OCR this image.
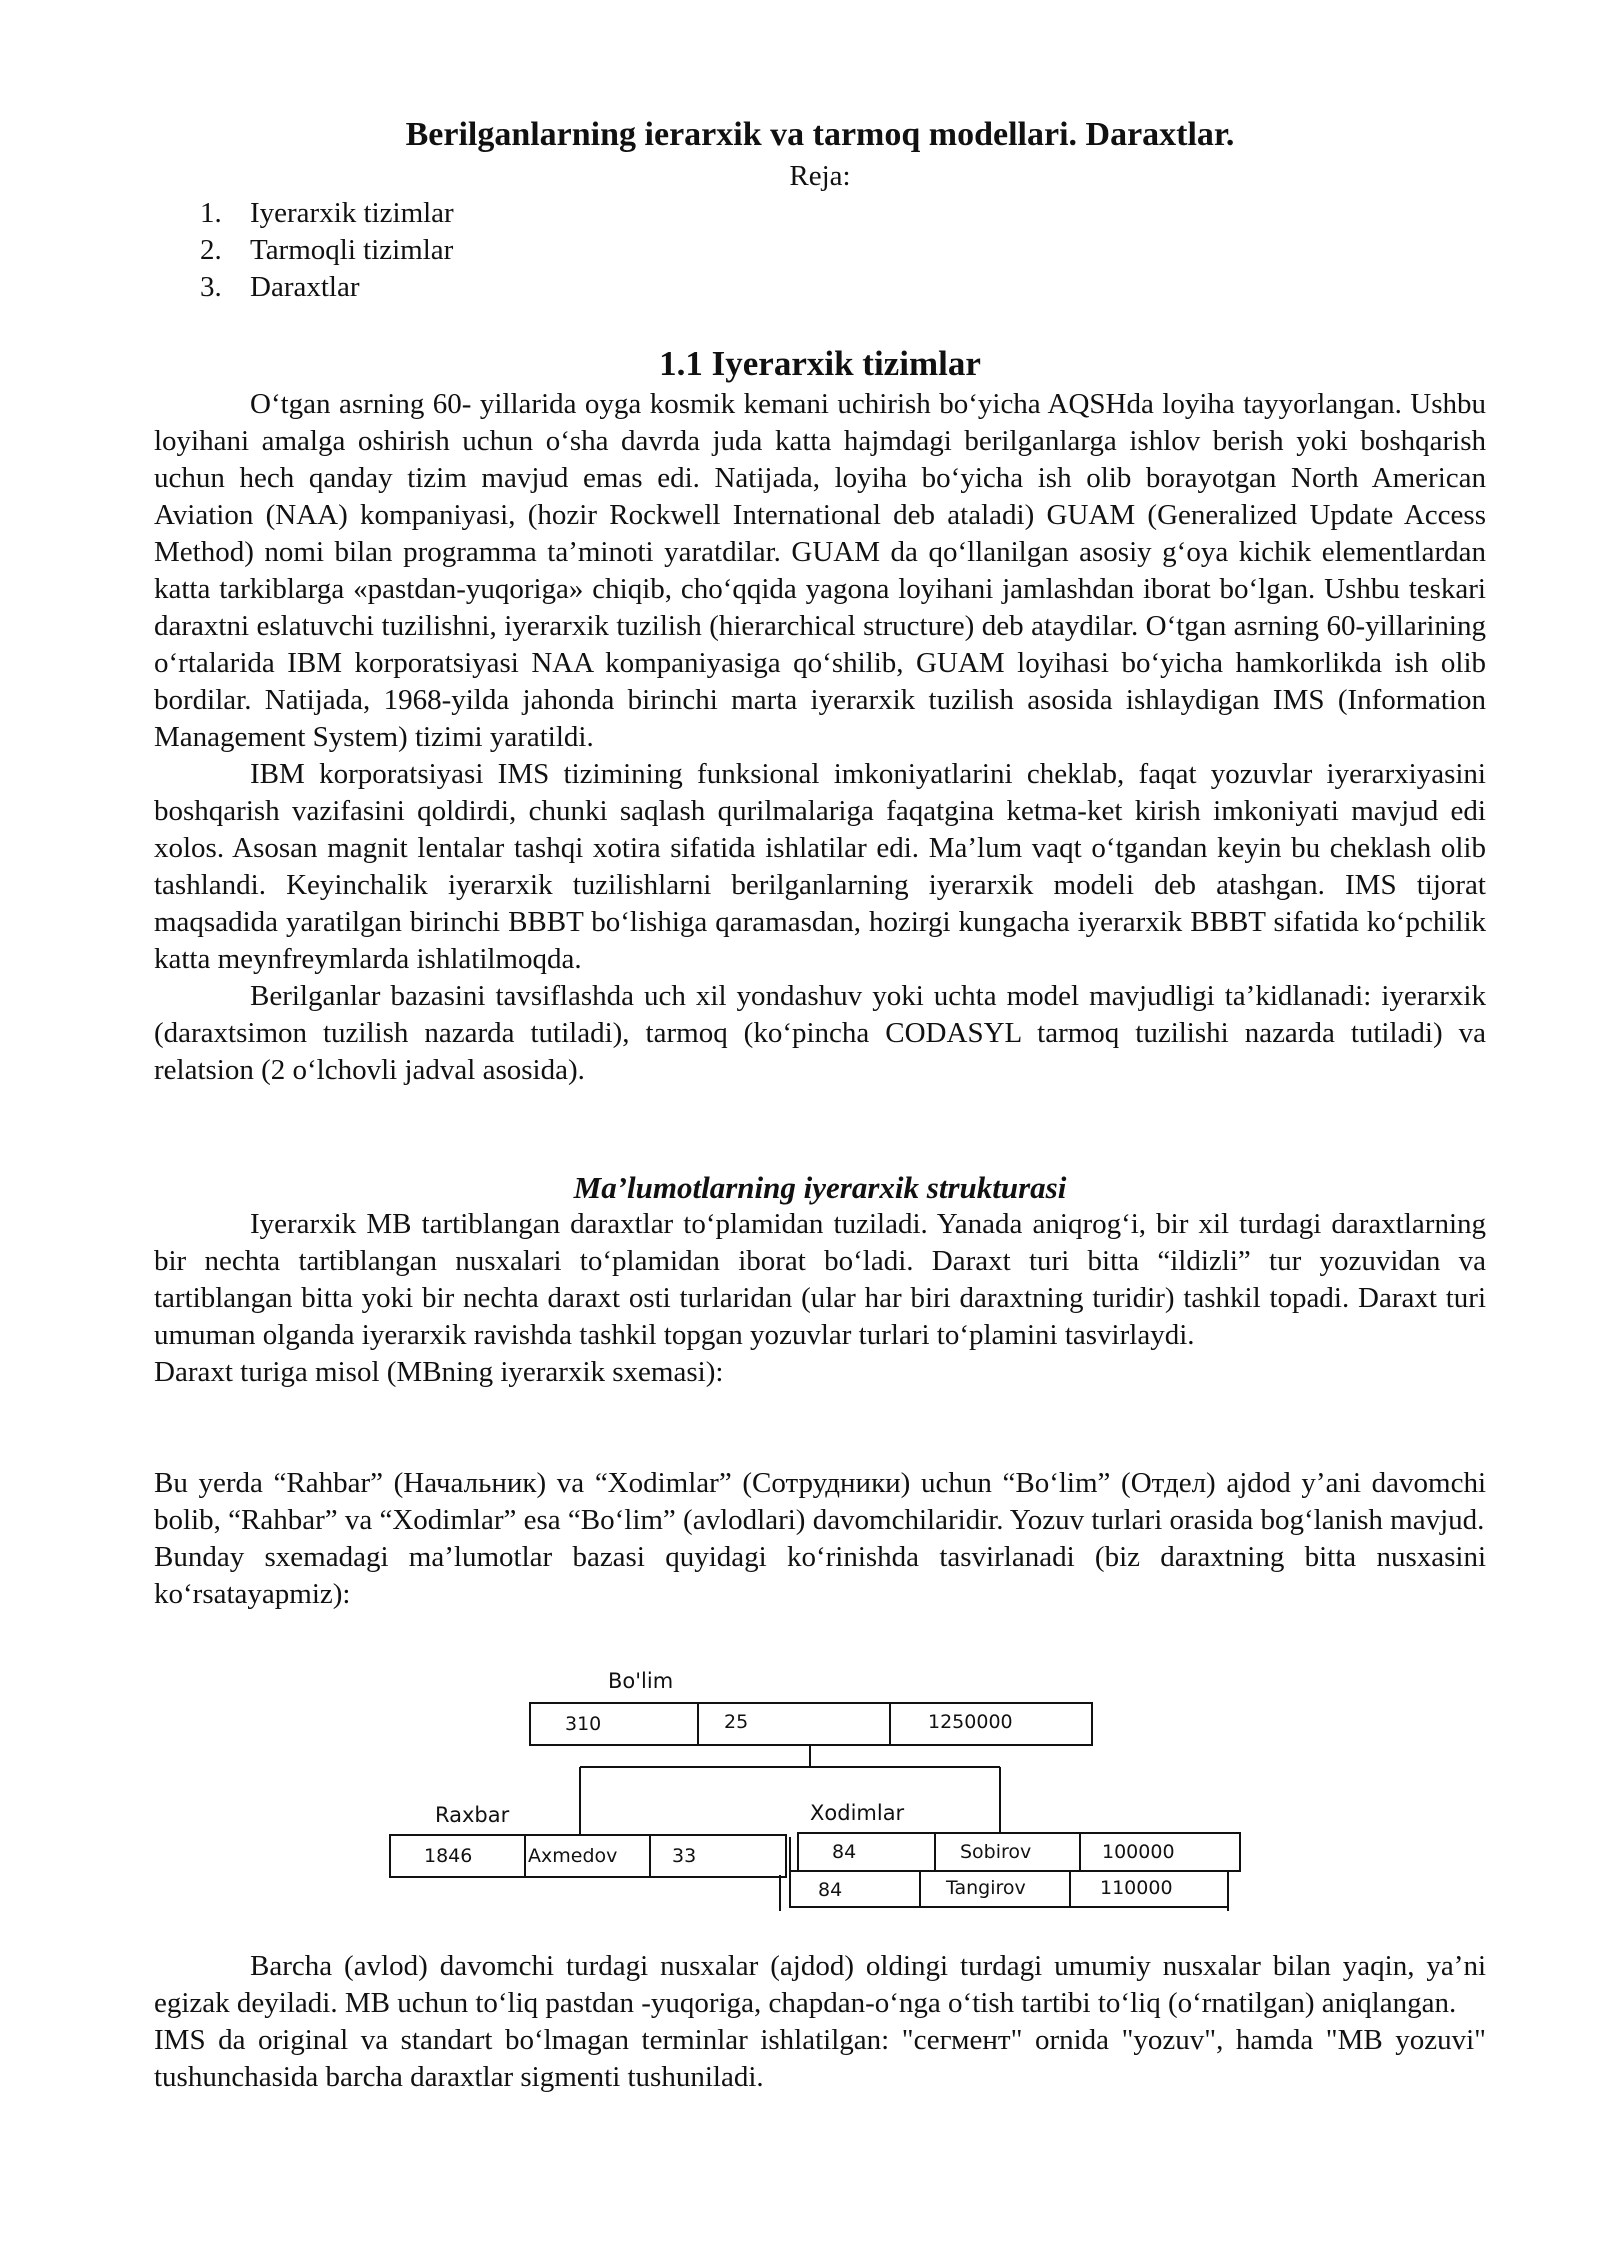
Berilganlarning ierarxik va tarmoq modellari. Daraxtlar.
Reja:
1. Iyerarxik tizimlar
2. Tarmoqli tizimlar
3. Daraxtlar
1.1 Iyerarxik tizimlar

O‘tgan asrning 60- yillarida oyga kosmik kemani uchirish bo‘yicha AQSHda loyiha tayyorlangan. Ushbu loyihani amalga oshirish uchun o‘sha davrda juda katta hajmdagi berilganlarga ishlov berish yoki boshqarish uchun hech qanday tizim mavjud emas edi. Natijada, loyiha bo‘yicha ish olib borayotgan North American Aviation (NAA) kompaniyasi, (hozir Rockwell International deb ataladi) GUAM (Generalized Update Access Method) nomi bilan programma ta’minoti yaratdilar. GUAM da qo‘llanilgan asosiy g‘oya kichik elementlardan katta tarkiblarga «pastdan-yuqoriga» chiqib, cho‘qqida yagona loyihani jamlashdan iborat bo‘lgan. Ushbu teskari daraxtni eslatuvchi tuzilishni, iyerarxik tuzilish (hierarchical structure) deb ataydilar. O‘tgan asrning 60-yillarining o‘rtalarida IBM korporatsiyasi NAA kompaniyasiga qo‘shilib, GUAM loyihasi bo‘yicha hamkorlikda ish olib bordilar. Natijada, 1968-yilda jahonda birinchi marta iyerarxik tuzilish asosida ishlaydigan IMS (Information Management System) tizimi yaratildi.

IBM korporatsiyasi IMS tizimining funksional imkoniyatlarini cheklab, faqat yozuvlar iyerarxiyasini boshqarish vazifasini qoldirdi, chunki saqlash qurilmalariga faqatgina ketma-ket kirish imkoniyati mavjud edi xolos. Asosan magnit lentalar tashqi xotira sifatida ishlatilar edi. Ma’lum vaqt o‘tgandan keyin bu cheklash olib tashlandi. Keyinchalik iyerarxik tuzilishlarni berilganlarning iyerarxik modeli deb atashgan. IMS tijorat maqsadida yaratilgan birinchi BBBT bo‘lishiga qaramasdan, hozirgi kungacha iyerarxik BBBT sifatida ko‘pchilik katta meynfreymlarda ishlatilmoqda.

Berilganlar bazasini tavsiflashda uch xil yondashuv yoki uchta model mavjudligi ta’kidlanadi: iyerarxik (daraxtsimon tuzilish nazarda tutiladi), tarmoq (ko‘pincha CODASYL tarmoq tuzilishi nazarda tutiladi) va relatsion (2 o‘lchovli jadval asosida).

Ma’lumotlarning iyerarxik strukturasi

Iyerarxik MB tartiblangan daraxtlar to‘plamidan tuziladi. Yanada aniqrog‘i, bir xil turdagi daraxtlarning bir nechta tartiblangan nusxalari to‘plamidan iborat bo‘ladi. Daraxt turi bitta “ildizli” tur yozuvidan va tartiblangan bitta yoki bir nechta daraxt osti turlaridan (ular har biri daraxtning turidir) tashkil topadi. Daraxt turi umuman olganda iyerarxik ravishda tashkil topgan yozuvlar turlari to‘plamini tasvirlaydi.

Daraxt turiga misol (MBning iyerarxik sxemasi):

Bu yerda “Rahbar” (Начальник) va “Xodimlar” (Сотрудники) uchun “Bo‘lim” (Отдел) ajdod y’ani davomchi bolib, “Rahbar” va “Xodimlar” esa “Bo‘lim” (avlodlari) davomchilaridir. Yozuv turlari orasida bog‘lanish mavjud.

Bunday sxemadagi ma’lumotlar bazasi quyidagi ko‘rinishda tasvirlanadi (biz daraxtning bitta nusxasini ko‘rsatayapmiz):

Bo'lim
310	25	1250000
Raxbar
1846	Axmedov	33
Xodimlar
84	Sobirov	100000
84	Tangirov	110000

Barcha (avlod) davomchi turdagi nusxalar (ajdod) oldingi turdagi umumiy nusxalar bilan yaqin, ya’ni egizak deyiladi. MB uchun to‘liq pastdan -yuqoriga, chapdan-o‘nga o‘tish tartibi to‘liq (o‘rnatilgan) aniqlangan.

IMS da original va standart bo‘lmagan terminlar ishlatilgan: "сегмент" ornida "yozuv", hamda "MB yozuvi" tushunchasida barcha daraxtlar sigmenti tushuniladi.
